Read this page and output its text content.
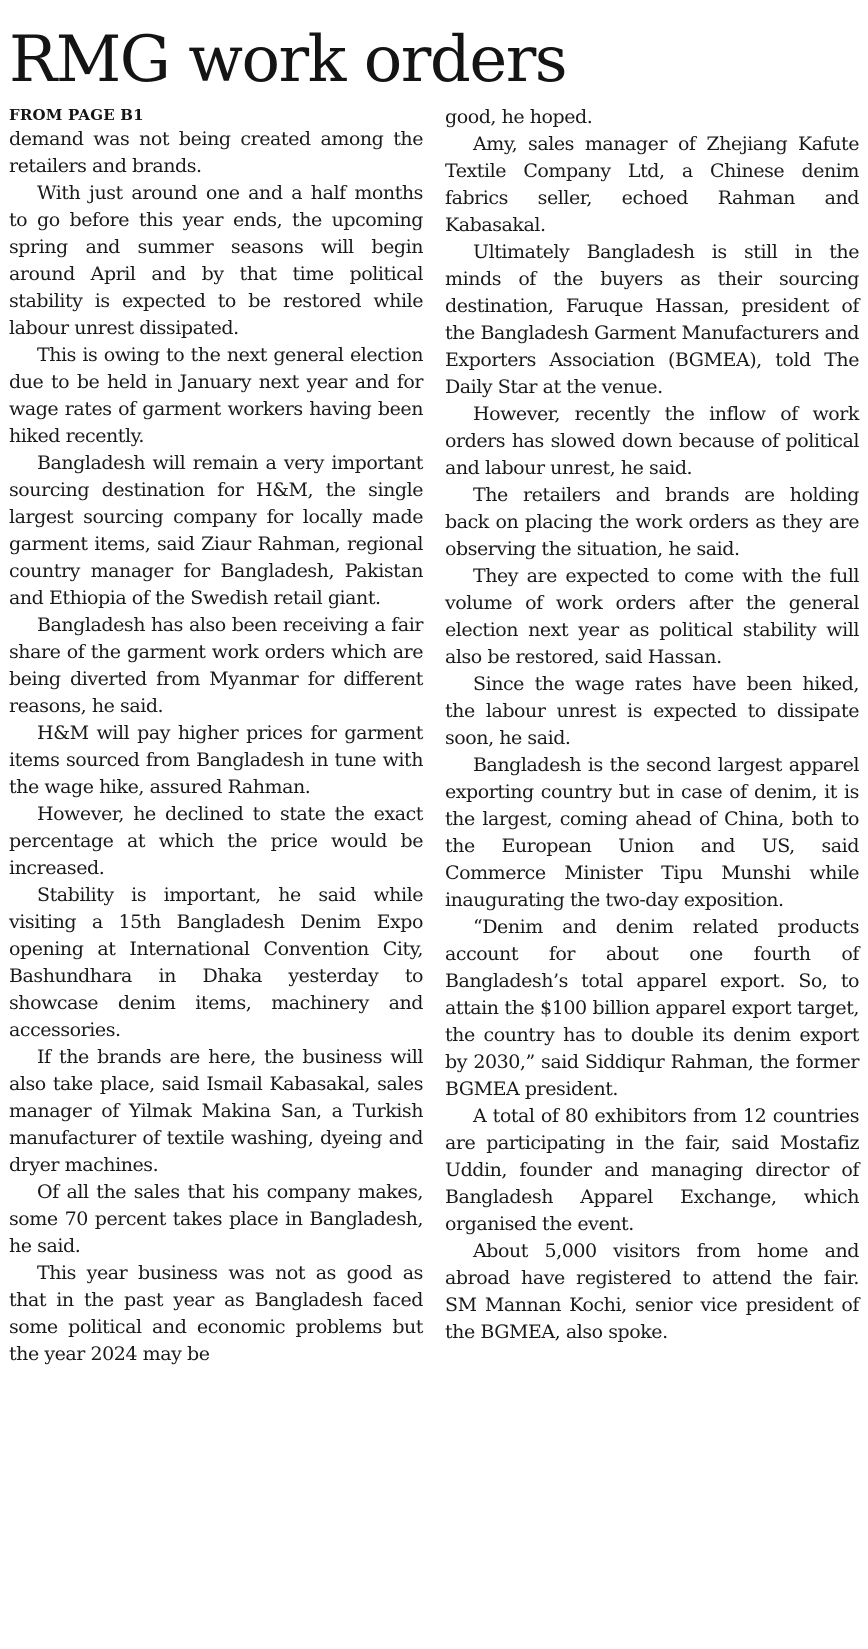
RMG work orders
FROM PAGE B1

demand was not being created among the retailers and brands.

With just around one and a half months to go before this year ends, the upcoming spring and summer seasons will begin around April and by that time political stability is expected to be restored while labour unrest dissipated.

This is owing to the next general election due to be held in January next year and for wage rates of garment workers having been hiked recently.

Bangladesh will remain a very important sourcing destination for H&M, the single largest sourcing company for locally made garment items, said Ziaur Rahman, regional country manager for Bangladesh, Pakistan and Ethiopia of the Swedish retail giant.

Bangladesh has also been receiving a fair share of the garment work orders which are being diverted from Myanmar for different reasons, he said.

H&M will pay higher prices for garment items sourced from Bangladesh in tune with the wage hike, assured Rahman.

However, he declined to state the exact percentage at which the price would be increased.

Stability is important, he said while visiting a 15th Bangladesh Denim Expo opening at International Convention City, Bashundhara in Dhaka yesterday to showcase denim items, machinery and accessories.

If the brands are here, the business will also take place, said Ismail Kabasakal, sales manager of Yilmak Makina San, a Turkish manufacturer of textile washing, dyeing and dryer machines.

Of all the sales that his company makes, some 70 percent takes place in Bangladesh, he said.

This year business was not as good as that in the past year as Bangladesh faced some political and economic problems but the year 2024 may be

good, he hoped.

Amy, sales manager of Zhejiang Kafute Textile Company Ltd, a Chinese denim fabrics seller, echoed Rahman and Kabasakal.

Ultimately Bangladesh is still in the minds of the buyers as their sourcing destination, Faruque Hassan, president of the Bangladesh Garment Manufacturers and Exporters Association (BGMEA), told The Daily Star at the venue.

However, recently the inflow of work orders has slowed down because of political and labour unrest, he said.

The retailers and brands are holding back on placing the work orders as they are observing the situation, he said.

They are expected to come with the full volume of work orders after the general election next year as political stability will also be restored, said Hassan.

Since the wage rates have been hiked, the labour unrest is expected to dissipate soon, he said.

Bangladesh is the second largest apparel exporting country but in case of denim, it is the largest, coming ahead of China, both to the European Union and US, said Commerce Minister Tipu Munshi while inaugurating the two-day exposition.

“Denim and denim related products account for about one fourth of Bangladesh’s total apparel export. So, to attain the $100 billion apparel export target, the country has to double its denim export by 2030,” said Siddiqur Rahman, the former BGMEA president.

A total of 80 exhibitors from 12 countries are participating in the fair, said Mostafiz Uddin, founder and managing director of Bangladesh Apparel Exchange, which organised the event.

About 5,000 visitors from home and abroad have registered to attend the fair. SM Mannan Kochi, senior vice president of the BGMEA, also spoke.
